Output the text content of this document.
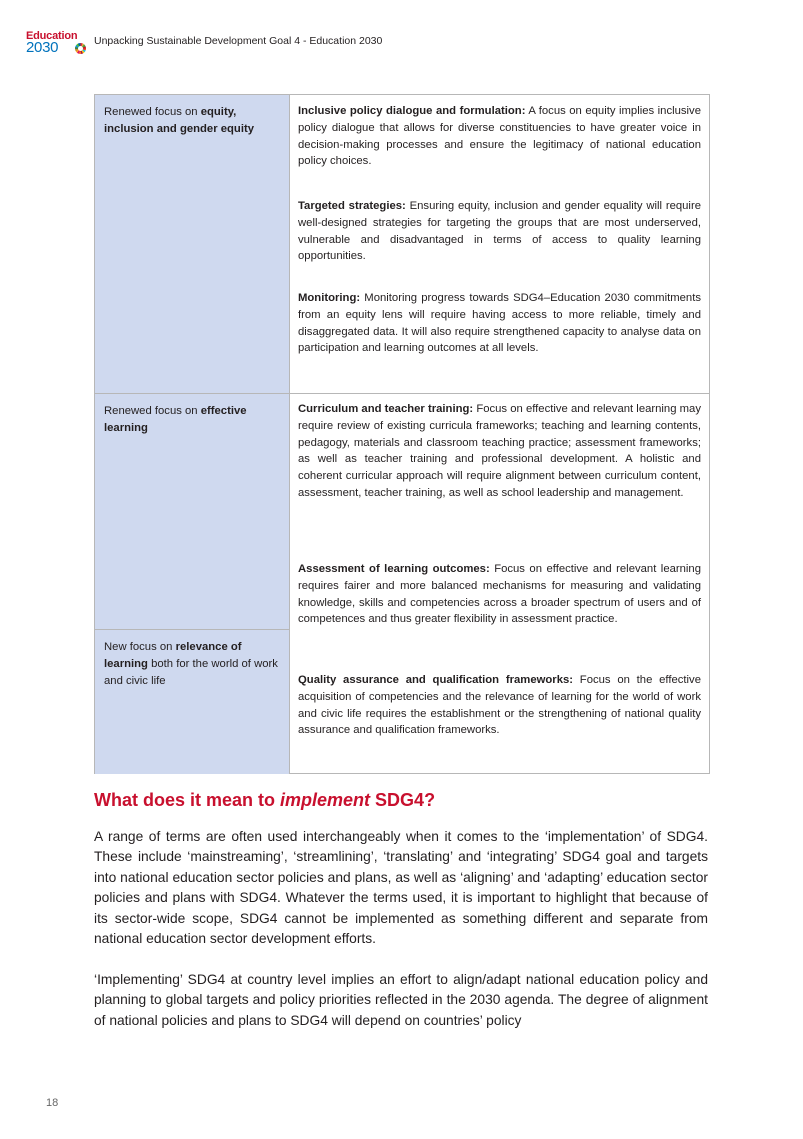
Education
2030	Unpacking Sustainable Development Goal 4 - Education 2030
Renewed focus on equity, inclusion and gender equity
Renewed focus on effective learning
New focus on relevance of learning both for the world of work and civic life

Inclusive policy dialogue and formulation: A focus on equity implies inclusive policy dialogue that allows for diverse constituencies to have greater voice in decision-making processes and ensure the legitimacy of national education policy choices.

Targeted strategies: Ensuring equity, inclusion and gender equality will require well-designed strategies for targeting the groups that are most underserved, vulnerable and disadvantaged in terms of access to quality learning opportunities.

Monitoring: Monitoring progress towards SDG4–Education 2030 commitments from an equity lens will require having access to more reliable, timely and disaggregated data. It will also require strengthened capacity to analyse data on participation and learning outcomes at all levels.

Curriculum and teacher training: Focus on effective and relevant learning may require review of existing curricula frameworks; teaching and learning contents, pedagogy, materials and classroom teaching practice; assessment frameworks; as well as teacher training and professional development. A holistic and coherent curricular approach will require alignment between curriculum content, assessment, teacher training, as well as school leadership and management.

Assessment of learning outcomes: Focus on effective and relevant learning requires fairer and more balanced mechanisms for measuring and validating knowledge, skills and competencies across a broader spectrum of users and of competences and thus greater flexibility in assessment practice.

Quality assurance and qualification frameworks: Focus on the effective acquisition of competencies and the relevance of learning for the world of work and civic life requires the establishment or the strengthening of national quality assurance and qualification frameworks.

What does it mean to implement SDG4?

A range of terms are often used interchangeably when it comes to the ‘implementation’ of SDG4. These include ‘mainstreaming’, ‘streamlining’, ‘translating’ and ‘integrating’ SDG4 goal and targets into national education sector policies and plans, as well as ‘aligning’ and ‘adapting’ education sector policies and plans with SDG4. Whatever the terms used, it is important to highlight that because of its sector-wide scope, SDG4 cannot be implemented as something different and separate from national education sector development efforts.

‘Implementing’ SDG4 at country level implies an effort to align/adapt national education policy and planning to global targets and policy priorities reflected in the 2030 agenda. The degree of alignment of national policies and plans to SDG4 will depend on countries’ policy

18
